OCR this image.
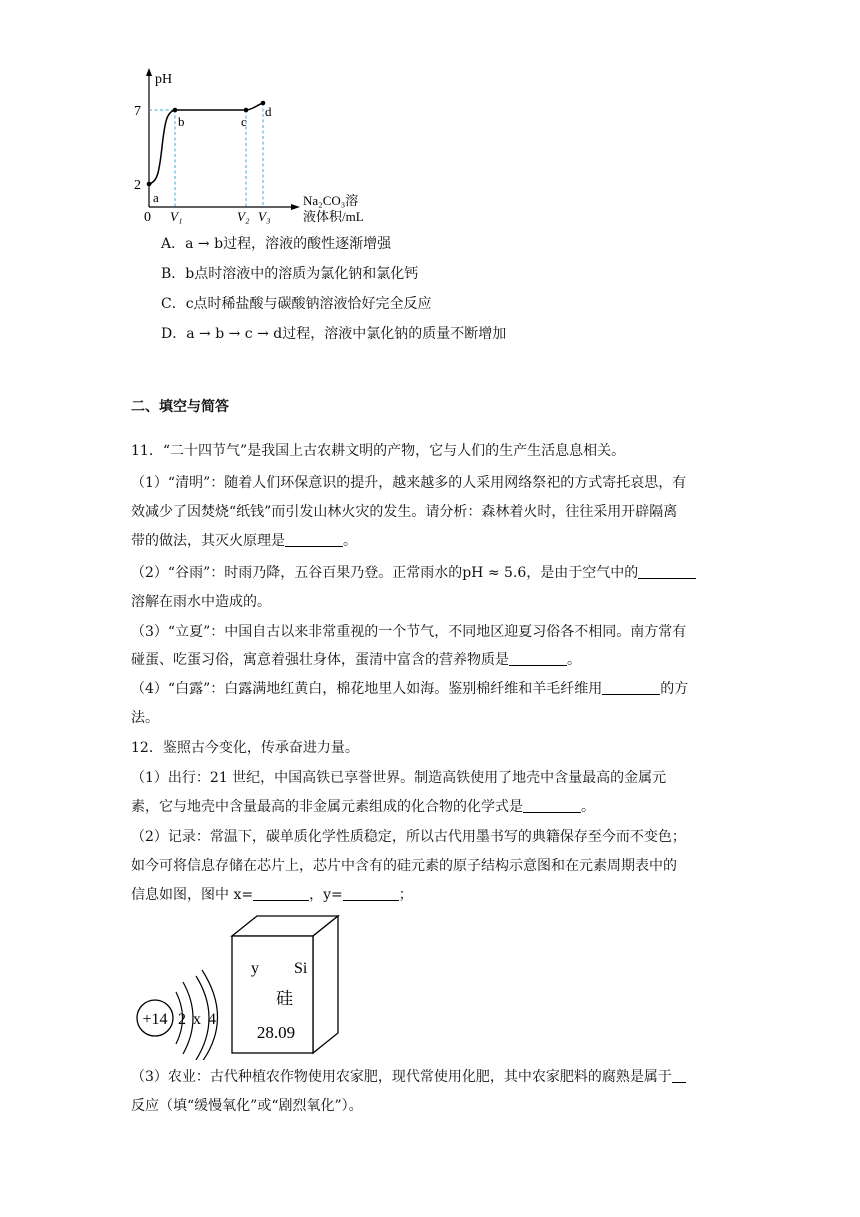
pH
7
2
0 V₁	V₂ V₃
a
b	c
d
Na₂CO₃溶
液体积/mL
A．a → b过程，溶液的酸性逐渐增强
B．b点时溶液中的溶质为氯化钠和氯化钙
C．c点时稀盐酸与碳酸钠溶液恰好完全反应
D．a → b → c → d过程，溶液中氯化钠的质量不断增加
二、填空与简答
11．“二十四节气”是我国上古农耕文明的产物，它与人们的生产生活息息相关。
（1）“清明”：随着人们环保意识的提升，越来越多的人采用网络祭祀的方式寄托哀思，有
效减少了因焚烧“纸钱”而引发山林火灾的发生。请分析：森林着火时，往往采用开辟隔离
带的做法，其灭火原理是	。
（2）“谷雨”：时雨乃降，五谷百果乃登。正常雨水的pH ≈ 5.6，是由于空气中的
溶解在雨水中造成的。
（3）“立夏”：中国自古以来非常重视的一个节气，不同地区迎夏习俗各不相同。南方常有
碰蛋、吃蛋习俗，寓意着强壮身体，蛋清中富含的营养物质是	。
（4）“白露”：白露满地红黄白，棉花地里人如海。鉴别棉纤维和羊毛纤维用	的方
法。
12．鉴照古今变化，传承奋进力量。
（1）出行：21 世纪，中国高铁已享誉世界。制造高铁使用了地壳中含量最高的金属元
素，它与地壳中含量最高的非金属元素组成的化合物的化学式是	。
（2）记录：常温下，碳单质化学性质稳定，所以古代用墨书写的典籍保存至今而不变色；
如今可将信息存储在芯片上，芯片中含有的硅元素的原子结构示意图和在元素周期表中的
信息如图，图中 x=	，y=	；
+14 2 x 4
y Si
硅
28.09
（3）农业：古代种植农作物使用农家肥，现代常使用化肥，其中农家肥料的腐熟是属于
反应（填“缓慢氧化”或“剧烈氧化”）。
